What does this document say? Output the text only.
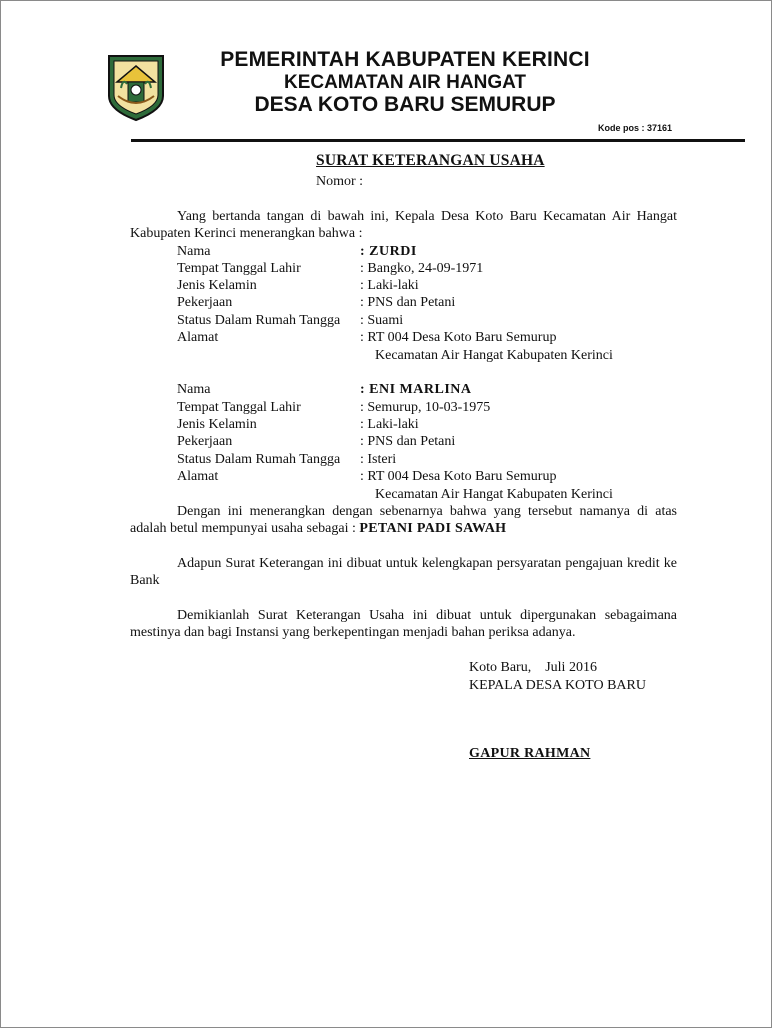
PEMERINTAH KABUPATEN KERINCI
KECAMATAN AIR HANGAT
DESA KOTO BARU SEMURUP
Kode pos : 37161
SURAT KETERANGAN USAHA
Nomor :
Yang bertanda tangan di bawah ini, Kepala Desa Koto Baru Kecamatan Air Hangat Kabupaten Kerinci menerangkan bahwa :
Nama	: ZURDI
Tempat Tanggal Lahir	: Bangko, 24-09-1971
Jenis Kelamin	: Laki-laki
Pekerjaan	: PNS dan Petani
Status Dalam Rumah Tangga : Suami
Alamat	: RT 004 Desa Koto Baru Semurup
Kecamatan Air Hangat Kabupaten Kerinci
Nama	: ENI MARLINA
Tempat Tanggal Lahir	: Semurup, 10-03-1975
Jenis Kelamin	: Laki-laki
Pekerjaan	: PNS dan Petani
Status Dalam Rumah Tangga : Isteri
Alamat	: RT 004 Desa Koto Baru Semurup
Kecamatan Air Hangat Kabupaten Kerinci
Dengan ini menerangkan dengan sebenarnya bahwa yang tersebut namanya di atas adalah betul mempunyai usaha sebagai : PETANI PADI SAWAH
Adapun Surat Keterangan ini dibuat untuk kelengkapan persyaratan pengajuan kredit ke Bank
Demikianlah Surat Keterangan Usaha ini dibuat untuk dipergunakan sebagaimana mestinya dan bagi Instansi yang berkepentingan menjadi bahan periksa adanya.
Koto Baru,    Juli 2016
KEPALA DESA KOTO BARU
GAPUR RAHMAN
